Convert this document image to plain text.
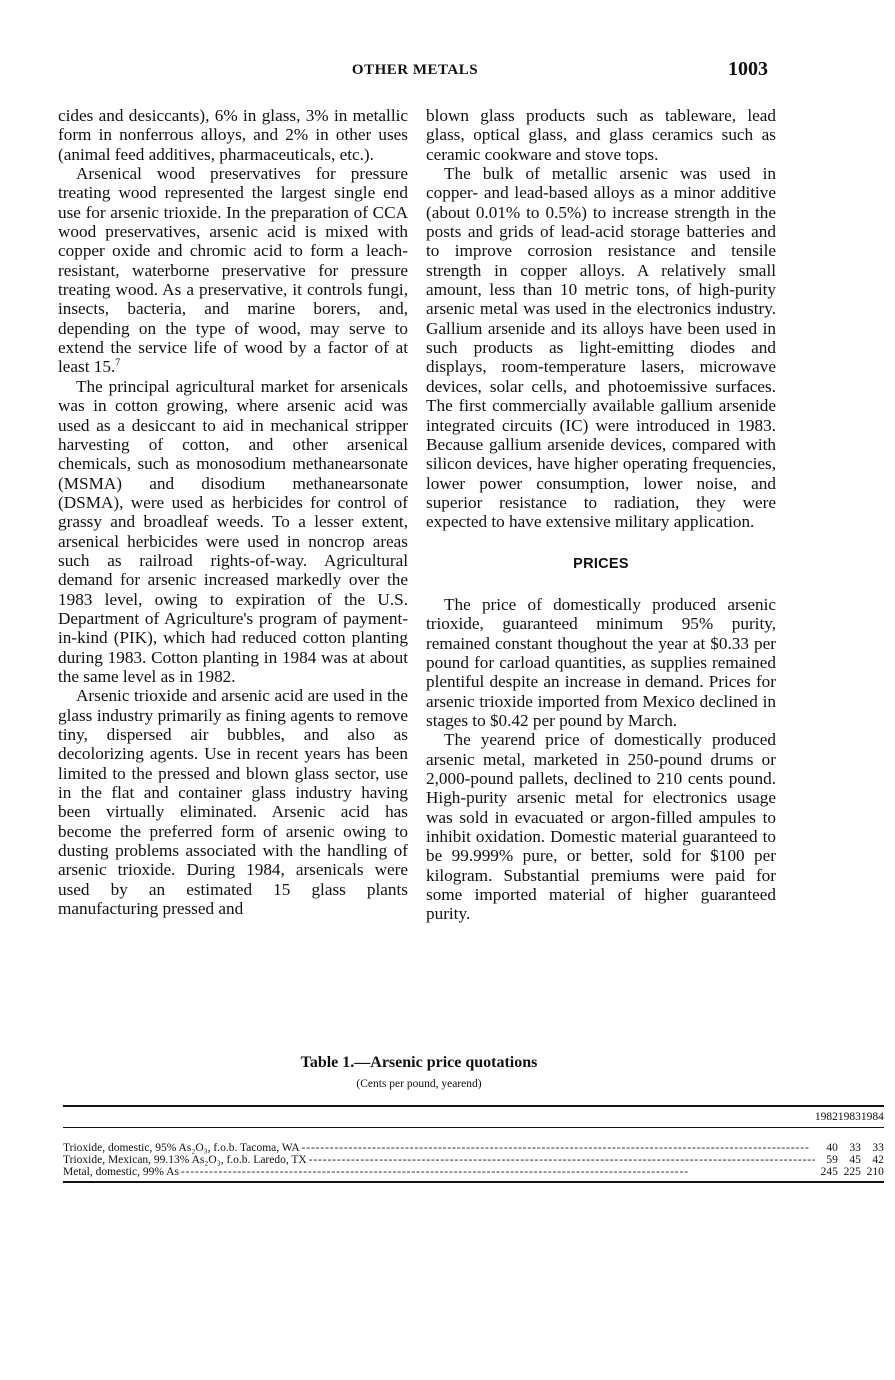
OTHER METALS	1003

cides and desiccants), 6% in glass, 3% in metallic form in nonferrous alloys, and 2% in other uses (animal feed additives, pharmaceuticals, etc.).

Arsenical wood preservatives for pressure treating wood represented the largest single end use for arsenic trioxide. In the preparation of CCA wood preservatives, arsenic acid is mixed with copper oxide and chromic acid to form a leach-resistant, waterborne preservative for pressure treating wood. As a preservative, it controls fungi, insects, bacteria, and marine borers, and, depending on the type of wood, may serve to extend the service life of wood by a factor of at least 15.$^7$

The principal agricultural market for arsenicals was in cotton growing, where arsenic acid was used as a desiccant to aid in mechanical stripper harvesting of cotton, and other arsenical chemicals, such as monosodium methanearsonate (MSMA) and disodium methanearsonate (DSMA), were used as herbicides for control of grassy and broadleaf weeds. To a lesser extent, arsenical herbicides were used in noncrop areas such as railroad rights-of-way. Agricultural demand for arsenic increased markedly over the 1983 level, owing to expiration of the U.S. Department of Agriculture's program of payment-in-kind (PIK), which had reduced cotton planting during 1983. Cotton planting in 1984 was at about the same level as in 1982.

Arsenic trioxide and arsenic acid are used in the glass industry primarily as fining agents to remove tiny, dispersed air bubbles, and also as decolorizing agents. Use in recent years has been limited to the pressed and blown glass sector, use in the flat and container glass industry having been virtually eliminated. Arsenic acid has become the preferred form of arsenic owing to dusting problems associated with the handling of arsenic trioxide. During 1984, arsenicals were used by an estimated 15 glass plants manufacturing pressed and

blown glass products such as tableware, lead glass, optical glass, and glass ceramics such as ceramic cookware and stove tops.

The bulk of metallic arsenic was used in copper- and lead-based alloys as a minor additive (about 0.01% to 0.5%) to increase strength in the posts and grids of lead-acid storage batteries and to improve corrosion resistance and tensile strength in copper alloys. A relatively small amount, less than 10 metric tons, of high-purity arsenic metal was used in the electronics industry. Gallium arsenide and its alloys have been used in such products as light-emitting diodes and displays, room-temperature lasers, microwave devices, solar cells, and photoemissive surfaces. The first commercially available gallium arsenide integrated circuits (IC) were introduced in 1983. Because gallium arsenide devices, compared with silicon devices, have higher operating frequencies, lower power consumption, lower noise, and superior resistance to radiation, they were expected to have extensive military application.

PRICES

The price of domestically produced arsenic trioxide, guaranteed minimum 95% purity, remained constant thoughout the year at $0.33 per pound for carload quantities, as supplies remained plentiful despite an increase in demand. Prices for arsenic trioxide imported from Mexico declined in stages to $0.42 per pound by March.

The yearend price of domestically produced arsenic metal, marketed in 250-pound drums or 2,000-pound pallets, declined to 210 cents pound. High-purity arsenic metal for electronics usage was sold in evacuated or argon-filled ampules to inhibit oxidation. Domestic material guaranteed to be 99.999% pure, or better, sold for $100 per kilogram. Substantial premiums were paid for some imported material of higher guaranteed purity.

Table 1.—Arsenic price quotations
(Cents per pound, yearend)
	1982	1983	1984
Trioxide, domestic, 95% As₂O₃, f.o.b. Tacoma, WA - - -	40	33	33
Trioxide, Mexican, 99.13% As₂O₃, f.o.b. Laredo, TX - - -	59	45	42
Metal, domestic, 99% As - - -	245	225	210
